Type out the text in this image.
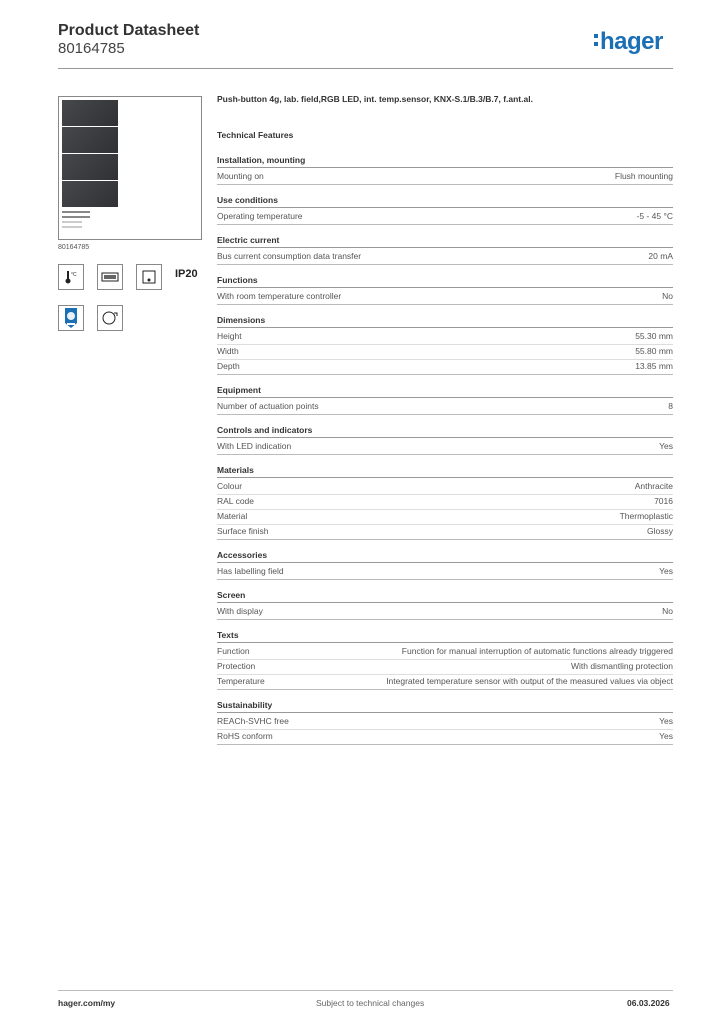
Product Datasheet
80164785	hager
80164785
°C	IP20
Push-button 4g, lab. field,RGB LED, int. temp.sensor, KNX-S.1/B.3/B.7, f.ant.al.
Technical Features
Installation, mounting
Mounting on	Flush mounting
Use conditions
Operating temperature	-5 - 45 °C
Electric current
Bus current consumption data transfer	20 mA
Functions
With room temperature controller	No
Dimensions
Height	55.30 mm
Width	55.80 mm
Depth	13.85 mm
Equipment
Number of actuation points	8
Controls and indicators
With LED indication	Yes
Materials
Colour	Anthracite
RAL code	7016
Material	Thermoplastic
Surface finish	Glossy
Accessories
Has labelling field	Yes
Screen
With display	No
Texts
Function	Function for manual interruption of automatic functions already triggered
Protection	With dismantling protection
Temperature	Integrated temperature sensor with output of the measured values via object
Sustainability
REACh-SVHC free	Yes
RoHS conform	Yes
hager.com/my	Subject to technical changes	06.03.2026
